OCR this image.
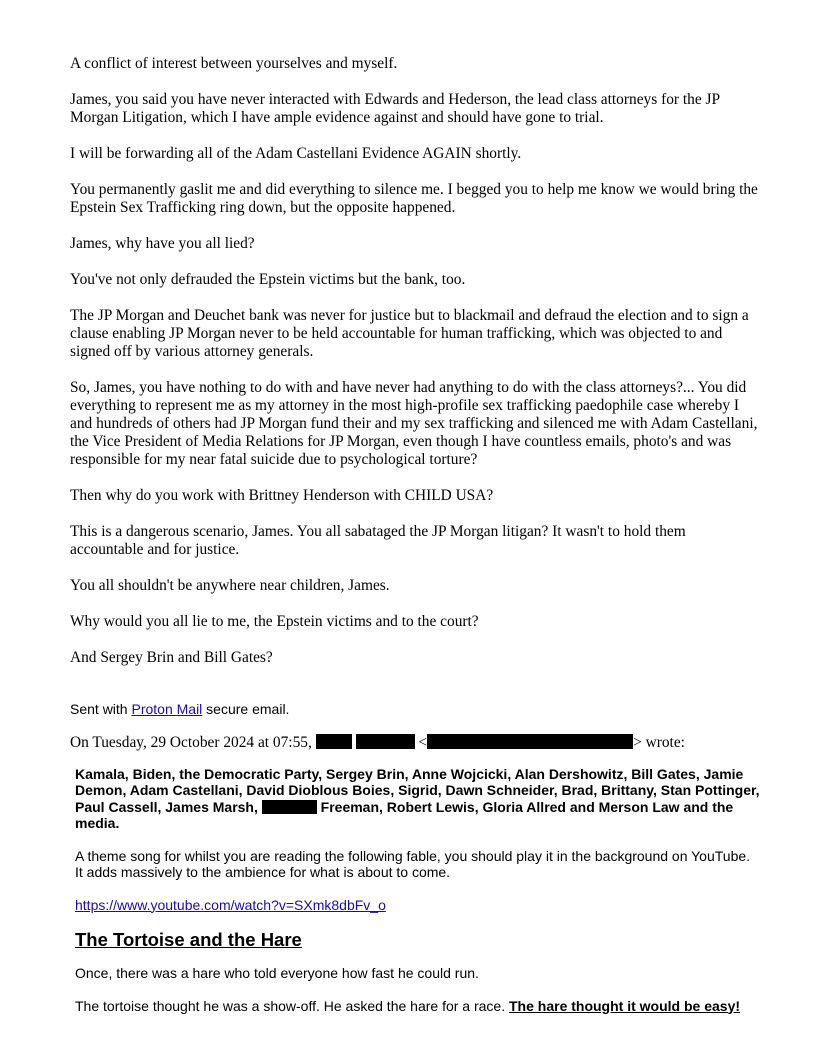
A conflict of interest between yourselves and myself.

James, you said you have never interacted with Edwards and Hederson, the lead class attorneys for the JP Morgan Litigation, which I have ample evidence against and should have gone to trial.

I will be forwarding all of the Adam Castellani Evidence AGAIN shortly.

You permanently gaslit me and did everything to silence me. I begged you to help me know we would bring the Epstein Sex Trafficking ring down, but the opposite happened.

James, why have you all lied?

You've not only defrauded the Epstein victims but the bank, too.

The JP Morgan and Deuchet bank was never for justice but to blackmail and defraud the election and to sign a clause enabling JP Morgan never to be held accountable for human trafficking, which was objected to and signed off by various attorney generals.

So, James, you have nothing to do with and have never had anything to do with the class attorneys?... You did everything to represent me as my attorney in the most high-profile sex trafficking paedophile case whereby I and hundreds of others had JP Morgan fund their and my sex trafficking and silenced me with Adam Castellani, the Vice President of Media Relations for JP Morgan, even though I have countless emails, photo's and was responsible for my near fatal suicide due to psychological torture?

Then why do you work with Brittney Henderson with CHILD USA?

This is a dangerous scenario, James. You all sabataged the JP Morgan litigan? It wasn't to hold them accountable and for justice.

You all shouldn't be anywhere near children, James.

Why would you all lie to me, the Epstein victims and to the court?

And Sergey Brin and Bill Gates?

Sent with Proton Mail secure email.

On Tuesday, 29 October 2024 at 07:55,	<	> wrote:

Kamala, Biden, the Democratic Party, Sergey Brin, Anne Wojcicki, Alan Dershowitz, Bill Gates, Jamie Demon, Adam Castellani, David Dioblous Boies, Sigrid, Dawn Schneider, Brad, Brittany, Stan Pottinger, Paul Cassell, James Marsh,	Freeman, Robert Lewis, Gloria Allred and Merson Law and the media.

A theme song for whilst you are reading the following fable, you should play it in the background on YouTube. It adds massively to the ambience for what is about to come.

https://www.youtube.com/watch?v=SXmk8dbFv_o

The Tortoise and the Hare

Once, there was a hare who told everyone how fast he could run.

The tortoise thought he was a show-off. He asked the hare for a race. The hare thought it would be easy!
